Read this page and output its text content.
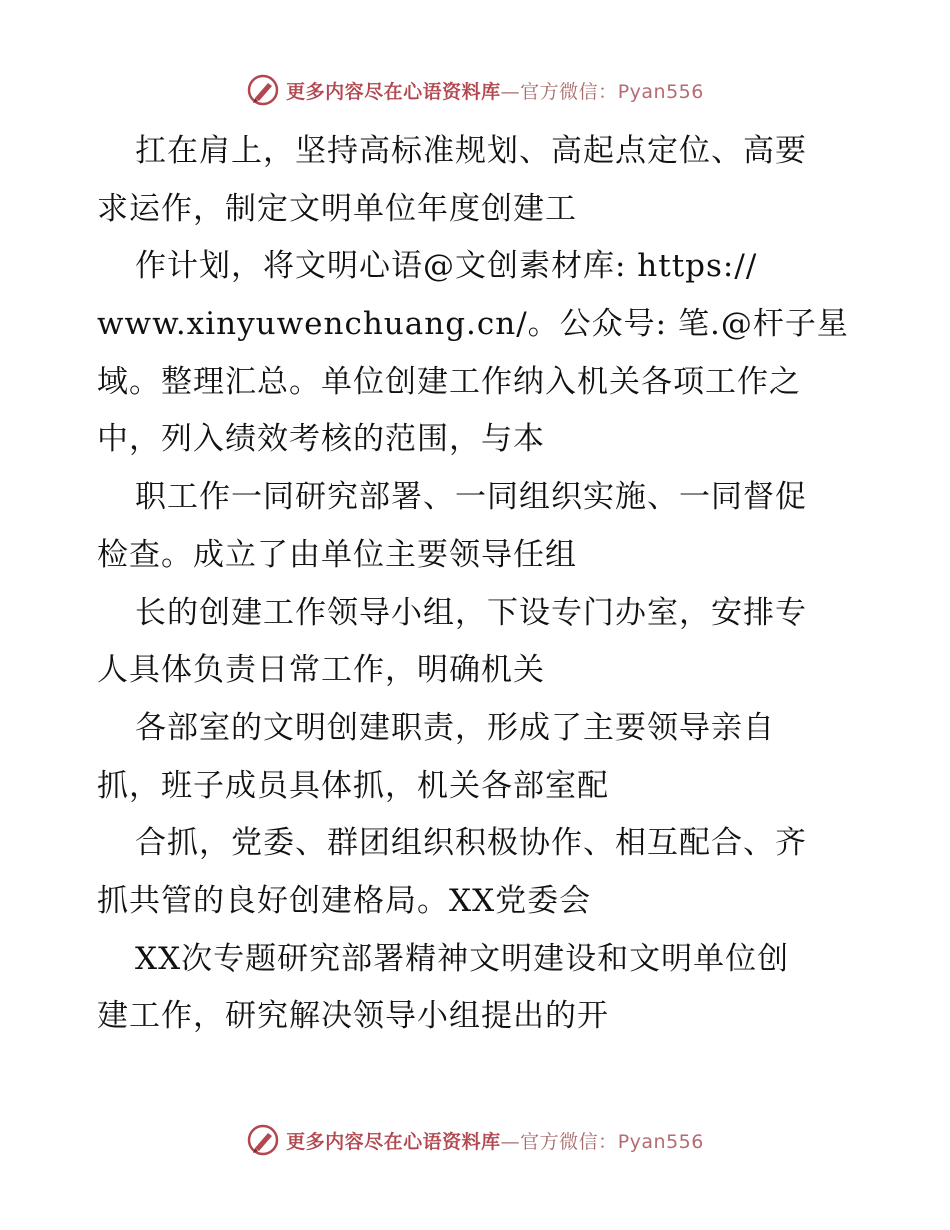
更多内容尽在心语资料库—官方微信：Pyan556
扛在肩上，坚持高标准规划、高起点定位、高要
求运作，制定文明单位年度创建工
作计划，将文明心语@文创素材库: https://
www.xinyuwenchuang.cn/。公众号: 笔.@杆子星
域。整理汇总。单位创建工作纳入机关各项工作之
中，列入绩效考核的范围，与本
职工作一同研究部署、一同组织实施、一同督促
检查。成立了由单位主要领导任组
长的创建工作领导小组，下设专门办室，安排专
人具体负责日常工作，明确机关
各部室的文明创建职责，形成了主要领导亲自
抓，班子成员具体抓，机关各部室配
合抓，党委、群团组织积极协作、相互配合、齐
抓共管的良好创建格局。XX党委会
XX次专题研究部署精神文明建设和文明单位创
建工作，研究解决领导小组提出的开
更多内容尽在心语资料库—官方微信：Pyan556
